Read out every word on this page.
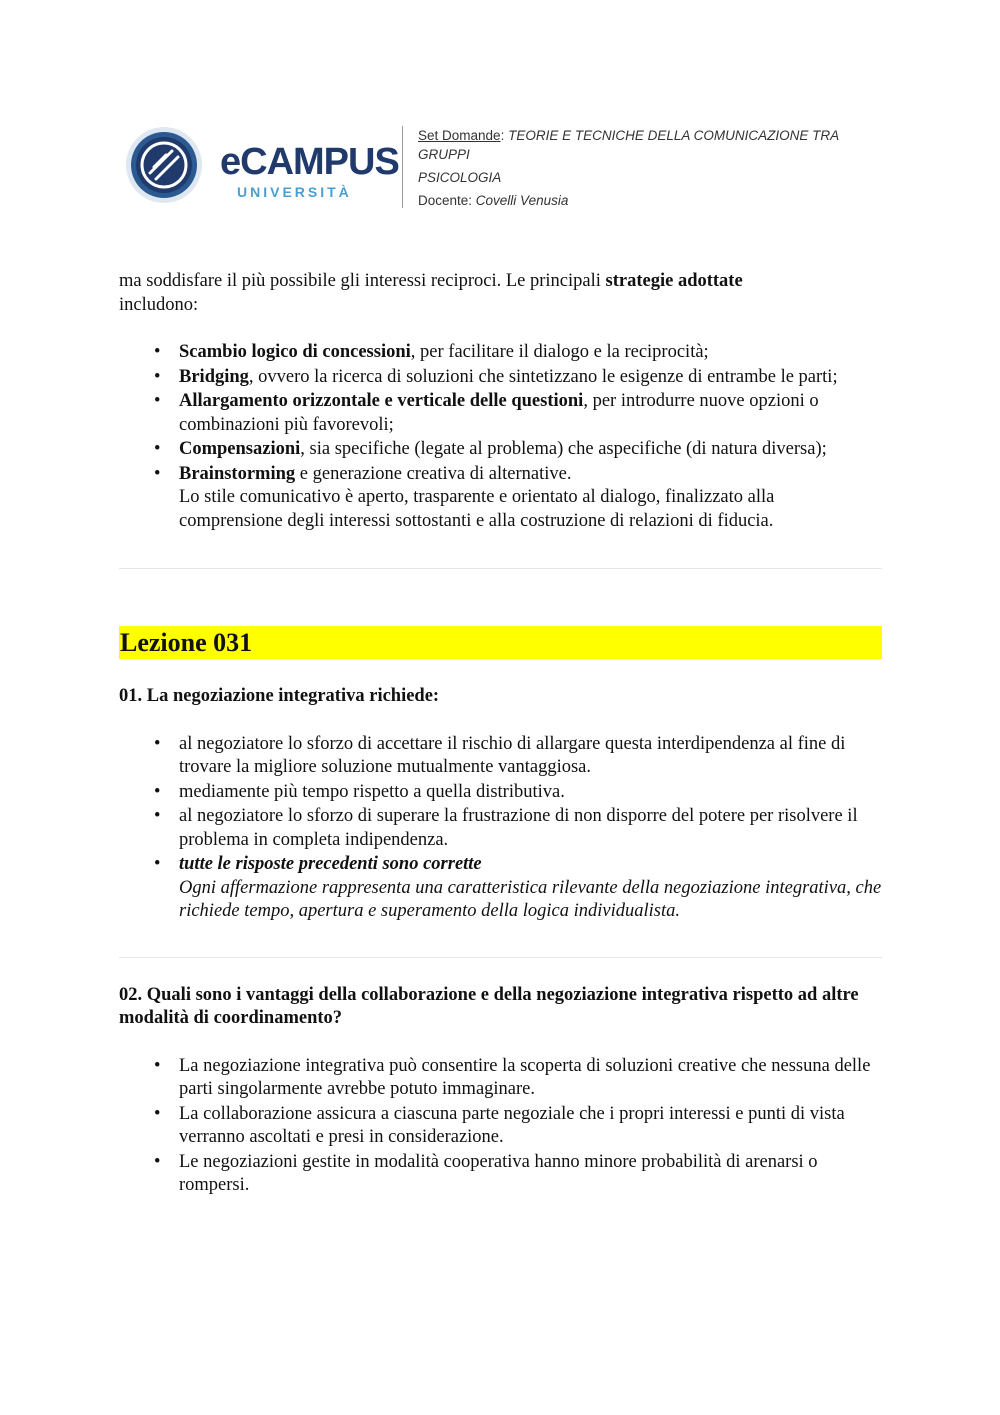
eCAMPUS
UNIVERSITÀ

Set Domande: TEORIE E TECNICHE DELLA COMUNICAZIONE TRA

GRUPPI

PSICOLOGIA

Docente: Covelli Venusia

ma soddisfare il più possibile gli interessi reciproci. Le principali strategie adottate
includono:

• Scambio logico di concessioni, per facilitare il dialogo e la reciprocità;
• Bridging, ovvero la ricerca di soluzioni che sintetizzano le esigenze di entrambe le parti;
• Allargamento orizzontale e verticale delle questioni, per introdurre nuove opzioni o combinazioni più favorevoli;
• Compensazioni, sia specifiche (legate al problema) che aspecifiche (di natura diversa);
• Brainstorming e generazione creativa di alternative.
Lo stile comunicativo è aperto, trasparente e orientato al dialogo, finalizzato alla comprensione degli interessi sottostanti e alla costruzione di relazioni di fiducia.
Lezione 031

01. La negoziazione integrativa richiede:

• al negoziatore lo sforzo di accettare il rischio di allargare questa interdipendenza al fine di trovare la migliore soluzione mutualmente vantaggiosa.
• mediamente più tempo rispetto a quella distributiva.
• al negoziatore lo sforzo di superare la frustrazione di non disporre del potere per risolvere il problema in completa indipendenza.
• tutte le risposte precedenti sono corrette
Ogni affermazione rappresenta una caratteristica rilevante della negoziazione integrativa, che richiede tempo, apertura e superamento della logica individualista.

02. Quali sono i vantaggi della collaborazione e della negoziazione integrativa rispetto ad altre modalità di coordinamento?

• La negoziazione integrativa può consentire la scoperta di soluzioni creative che nessuna delle parti singolarmente avrebbe potuto immaginare.
• La collaborazione assicura a ciascuna parte negoziale che i propri interessi e punti di vista verranno ascoltati e presi in considerazione.
• Le negoziazioni gestite in modalità cooperativa hanno minore probabilità di arenarsi o rompersi.
